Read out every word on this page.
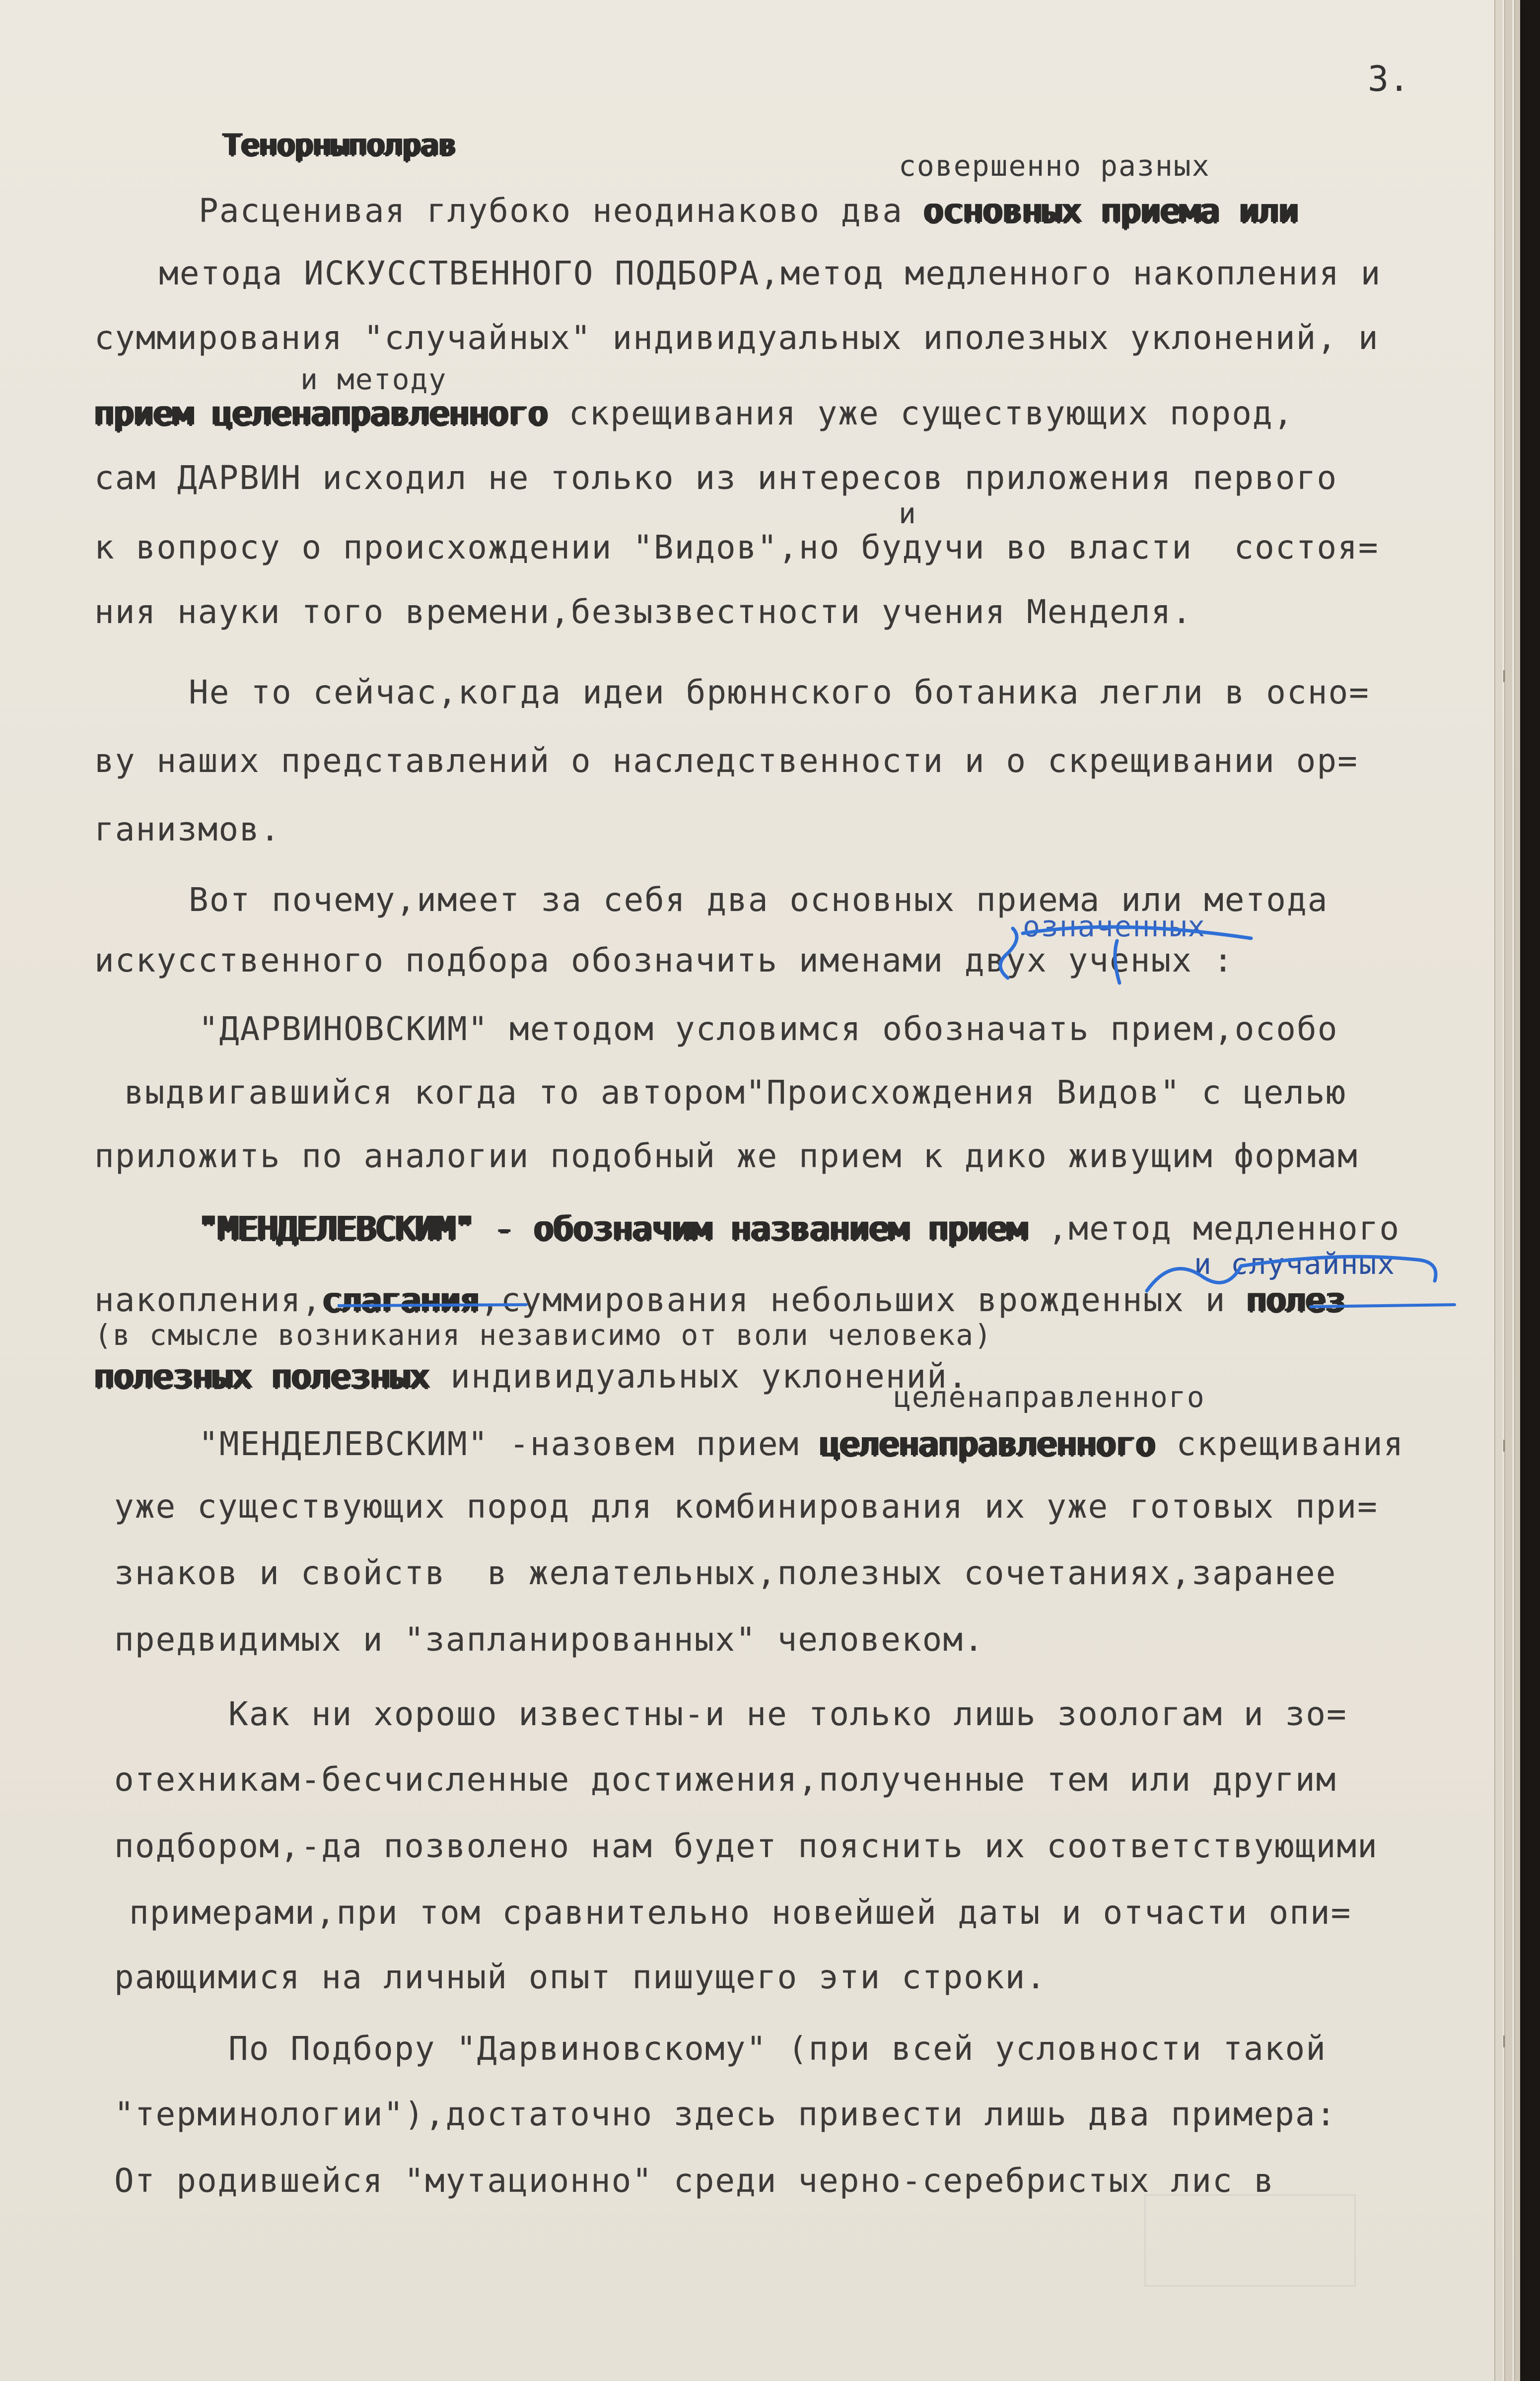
3.
Тенорныполрав
совершенно разных
Расценивая глубоко неодинаково два основных приема или
метода ИСКУССТВЕННОГО ПОДБОРА,метод медленного накопления и
суммирования "случайных" индивидуальных иполезных уклонений, и
и методу
прием целенаправленного скрещивания уже существующих пород,
сам ДАРВИН исходил не только из интересов приложения первого
и
к вопросу о происхождении "Видов",но будучи во власти  состоя=
ния науки того времени,безызвестности учения Менделя.
Не то сейчас,когда идеи брюннского ботаника легли в осно=
ву наших представлений о наследственности и о скрещивании ор=
ганизмов.
Вот почему,имеет за себя два основных приема или метода
означенных
искусственного подбора обозначить именами двух ученых :
"ДАРВИНОВСКИМ" методом условимся обозначать прием,особо
выдвигавшийся когда то автором"Происхождения Видов" с целью
приложить по аналогии подобный же прием к дико живущим формам
"МЕНДЕЛЕВСКИМ" - обозначим названием прием ,метод медленного
и случайных
накопления,слагания,суммирования небольших врожденных и полез
(в смысле возникания независимо от воли человека)
полезных полезных индивидуальных уклонений.
целенаправленного
"МЕНДЕЛЕВСКИМ" -назовем прием целенаправленного скрещивания
уже существующих пород для комбинирования их уже готовых при=
знаков и свойств  в желательных,полезных сочетаниях,заранее
предвидимых и "запланированных" человеком.
Как ни хорошо известны-и не только лишь зоологам и зо=
отехникам-бесчисленные достижения,полученные тем или другим
подбором,-да позволено нам будет пояснить их соответствующими
примерами,при том сравнительно новейшей даты и отчасти опи=
рающимися на личный опыт пишущего эти строки.
По Подбору "Дарвиновскому" (при всей условности такой
"терминологии"),достаточно здесь привести лишь два примера:
От родившейся "мутационно" среди черно-серебристых лис в
